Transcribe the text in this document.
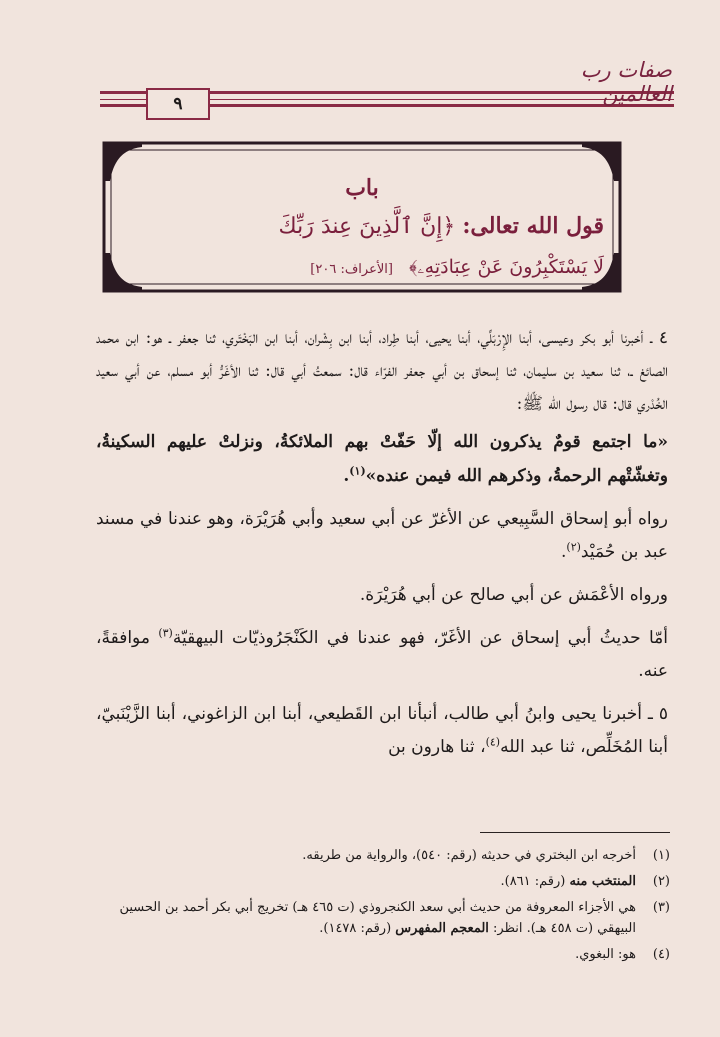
٩
صفات رب العالمين
باب
قول الله تعالى: ﴿إِنَّ ٱلَّذِينَ عِندَ رَبِّكَ
لَا يَسْتَكْبِرُونَ عَنْ عِبَادَتِهِۦ﴾ [الأعراف: ٢٠٦]

٤ ـ أخبرنا أبو بكر وعيسى، أبنا الإِرْبَلِّي، أبنا يحيى، أبنا طِراد، أبنا ابن بِشْران، أبنا ابن البَخْتَري، ثنا جعفر ـ هو: ابن محمد الصائغ ـ، ثنا سعيد بن سليمان، ثنا إسحاق بن أبي جعفر الفرّاء قال: سمعتُ أبي قال: ثنا الأغَرُّ أبو مسلم، عن أبي سعيد الخُدْري قال: قال رسول الله ﷺ:

«ما اجتمع قومٌ يذكرون الله إلّا حَفّتْ بهم الملائكةُ، ونزلتْ عليهم السكينةُ، وتغشّتْهم الرحمةُ، وذكرهم الله فيمن عنده»$^{(١)}$.

رواه أبو إسحاق السَّبِيعي عن الأغرّ عن أبي سعيد وأبي هُرَيْرَة، وهو عندنا في مسند عبد بن حُمَيْد$^{(٢)}$.

ورواه الأعْمَش عن أبي صالح عن أبي هُرَيْرَة.

أمّا حديثُ أبي إسحاق عن الأغَرّ، فهو عندنا في الكَنْجَرُوذيّات البيهقيّة$^{(٣)}$ موافقةً، عنه.

٥ ـ أخبرنا يحيى وابنُ أبي طالب، أنبأنا ابن القَطيعي، أبنا ابن الزاغوني، أبنا الزَّيْنَبيّ، أبنا المُخَلِّص، ثنا عبد الله$^{(٤)}$، ثنا هارون بن

(١)
أخرجه ابن البختري في حديثه (رقم: ٥٤٠)، والرواية من طريقه.
(٢)
المنتخب منه (رقم: ٨٦١).
(٣)
هي الأجزاء المعروفة من حديث أبي سعد الكنجروذي (ت ٤٦٥ هـ) تخريج أبي بكر أحمد بن الحسين البيهقي (ت ٤٥٨ هـ). انظر: المعجم المفهرس (رقم: ١٤٧٨).
(٤)
هو: البغوي.
